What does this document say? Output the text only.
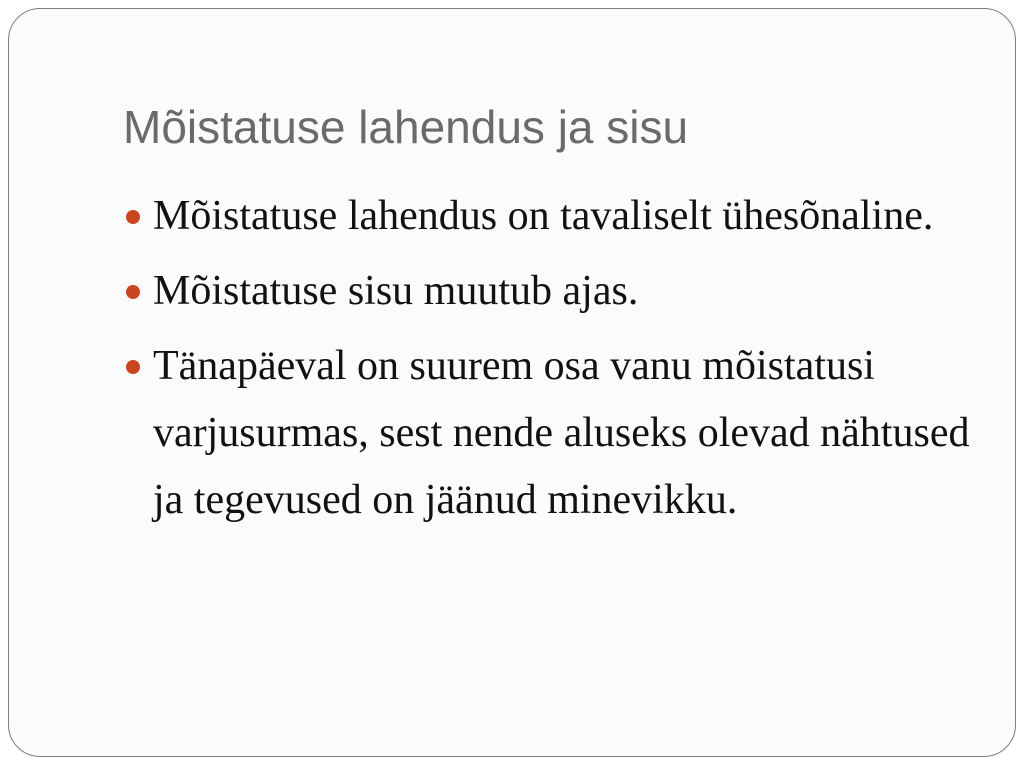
Mõistatuse lahendus ja sisu
Mõistatuse lahendus on tavaliselt ühesõnaline.
Mõistatuse sisu muutub ajas.
Tänapäeval on suurem osa vanu mõistatusi varjusurmas, sest nende aluseks olevad nähtused ja tegevused on jäänud minevikku.
